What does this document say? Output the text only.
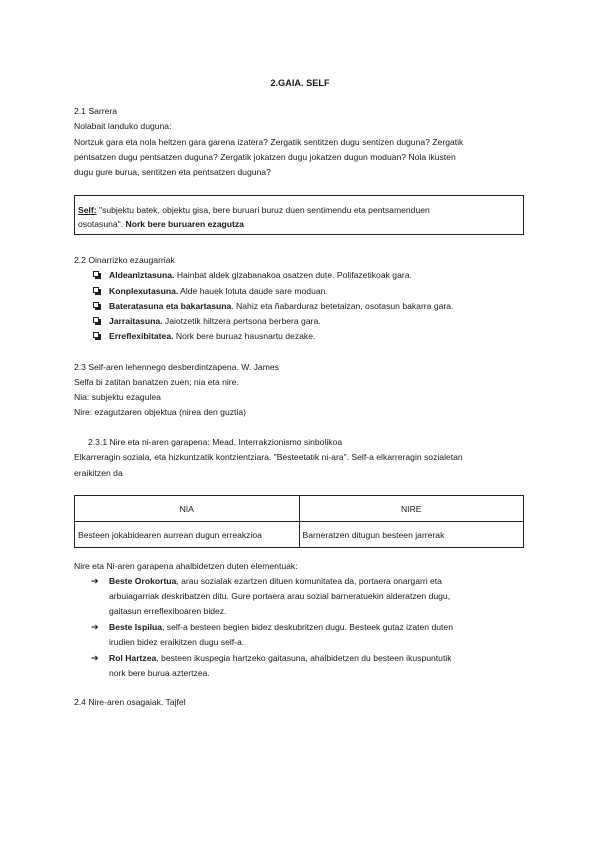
2.GAIA. SELF
2.1 Sarrera
Nolabait landuko duguna:
Nortzuk gara eta nola heltzen gara garena izatera? Zergatik sentitzen dugu sentizen duguna? Zergatik
pentsatzen dugu pentsatzen duguna? Zergatik jokatzen dugu jokatzen dugun moduan? Nola ikusten
dugu gure burua, sentitzen eta pentsatzen duguna?
Self: "subjektu batek, objektu gisa, bere buruari buruz duen sentimendu eta pentsamenduen
osotasuna". Nork bere buruaren ezagutza
2.2 Oinarrizko ezaugarriak
Aldeaniztasuna. Hainbat aldek gizabanakoa osatzen dute. Polifazetikoak gara.
Konplexutasuna. Alde hauek lotuta daude sare moduan.
Bateratasuna eta bakartasuna. Nahiz eta ñabarduraz betetaizan, osotasun bakarra gara.
Jarraitasuna. Jaiotzetik hiltzera pertsona berbera gara.
Erreflexibitatea. Nork bere buruaz hausnartu dezake.
2.3 Self-aren lehennego desberdintzapena. W. James
Selfa bi zatitan banatzen zuen; nia eta nire.
Nia: subjektu ezagulea
Nire: ezagutzaren objektua (nirea den guztia)
2.3.1 Nire eta ni-aren garapena: Mead, Interrakzionismo sinbolikoa
Elkarreragin soziala, eta hizkuntzatik kontzientziara. "Besteetatik ni-ara". Self-a elkarreragin sozialetan
eraikitzen da
NIA	NIRE
Besteen jokabidearen aurrean dugun erreakzioa	Barneratzen ditugun besteen jarrerak
Nire eta Ni-aren garapena ahalbidetzen duten elementuak:
➔ Beste Orokortua, arau sozialak ezartzen dituen komunitatea da, portaera onargarri eta
arbuiagarriak deskribatzen ditu. Gure portaera arau sozial barneratuekin alderatzen dugu,
gaitasun erreflexiboaren bidez.
➔ Beste Ispilua, self-a besteen begien bidez deskubritzen dugu. Besteek gutaz izaten duten
irudien bidez eraikitzen dugu self-a.
➔ Rol Hartzea, besteen ikuspegia hartzeko gaitasuna, ahalbidetzen du besteen ikuspuntutik
nork bere burua aztertzea.
2.4 Nire-aren osagaiak. Tajfel
